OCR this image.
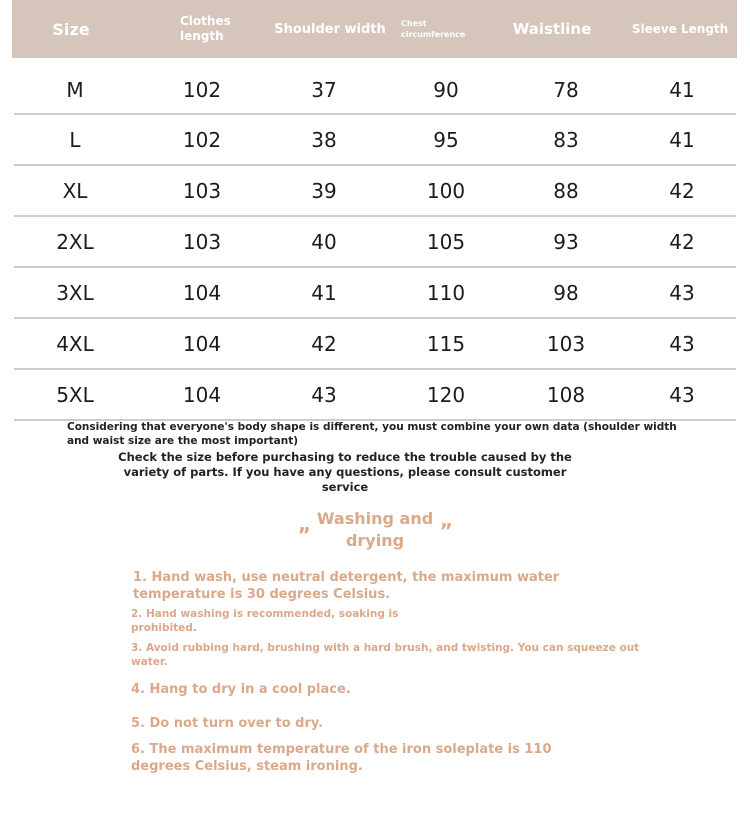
Size	Clothes length	Shoulder width	Chest circumference	Waistline	Sleeve Length
M	102	37	90	78	41
L	102	38	95	83	41
XL	103	39	100	88	42
2XL	103	40	105	93	42
3XL	104	41	110	98	43
4XL	104	42	115	103	43
5XL	104	43	120	108	43
Considering that everyone's body shape is different, you must combine your own data (shoulder width and waist size are the most important)
Check the size before purchasing to reduce the trouble caused by the variety of parts. If you have any questions, please consult customer service
„ Washing and drying
„
1. Hand wash, use neutral detergent, the maximum water temperature is 30 degrees Celsius.
2. Hand washing is recommended, soaking is prohibited.
3. Avoid rubbing hard, brushing with a hard brush, and twisting. You can squeeze out water.
4. Hang to dry in a cool place.
5. Do not turn over to dry.
6. The maximum temperature of the iron soleplate is 110 degrees Celsius, steam ironing.
